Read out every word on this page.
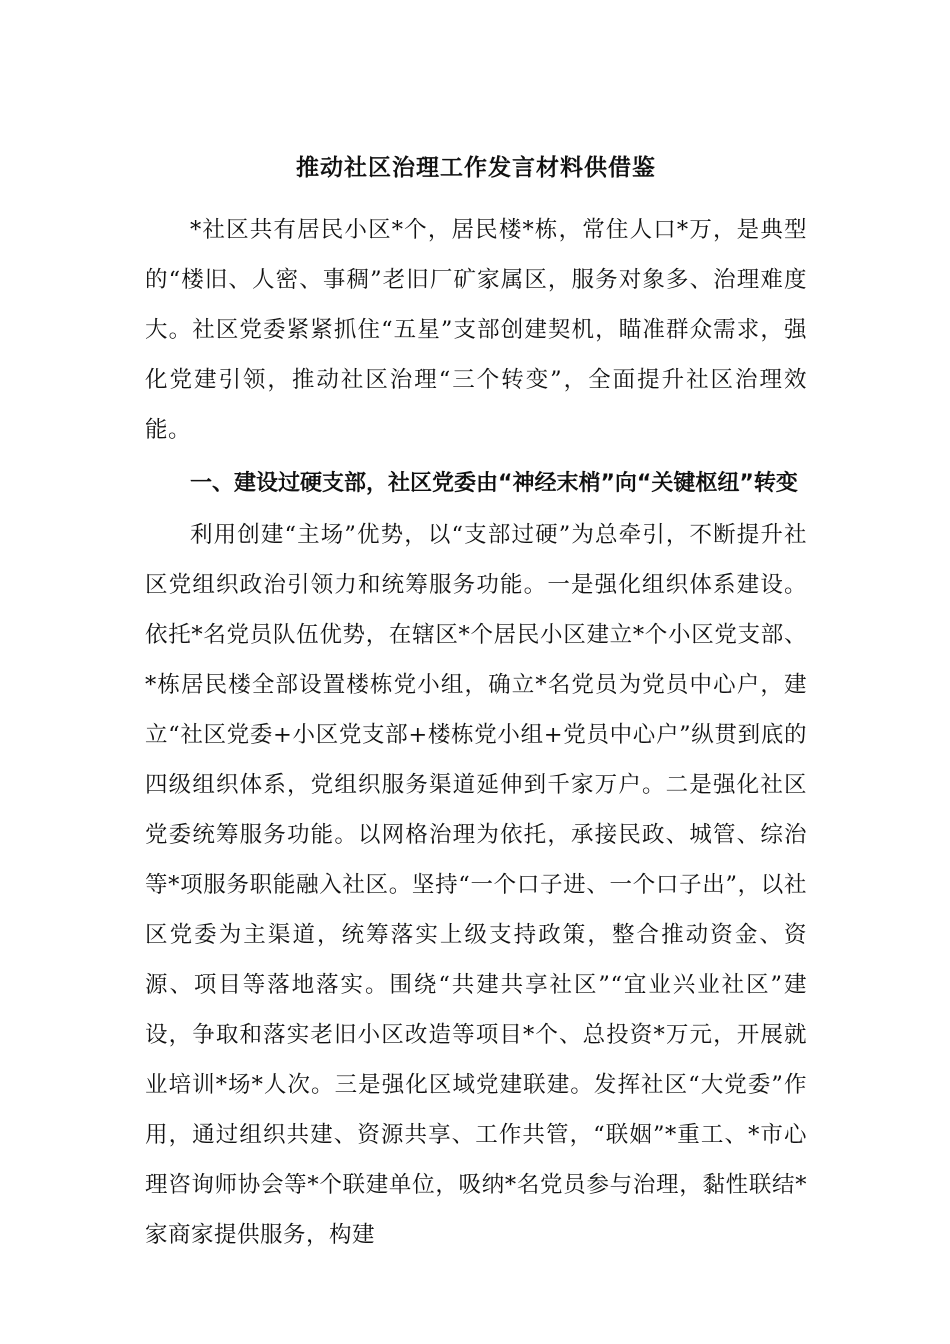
推动社区治理工作发言材料供借鉴

*社区共有居民小区*个，居民楼*栋，常住人口*万，是典型的“楼旧、人密、事稠”老旧厂矿家属区，服务对象多、治理难度大。社区党委紧紧抓住“五星”支部创建契机，瞄准群众需求，强化党建引领，推动社区治理“三个转变”，全面提升社区治理效能。

一、建设过硬支部，社区党委由“神经末梢”向“关键枢纽”转变

利用创建“主场”优势，以“支部过硬”为总牵引，不断提升社区党组织政治引领力和统筹服务功能。一是强化组织体系建设。依托*名党员队伍优势，在辖区*个居民小区建立*个小区党支部、*栋居民楼全部设置楼栋党小组，确立*名党员为党员中心户，建立“社区党委+小区党支部+楼栋党小组+党员中心户”纵贯到底的四级组织体系，党组织服务渠道延伸到千家万户。二是强化社区党委统筹服务功能。以网格治理为依托，承接民政、城管、综治等*项服务职能融入社区。坚持“一个口子进、一个口子出”，以社区党委为主渠道，统筹落实上级支持政策，整合推动资金、资源、项目等落地落实。围绕“共建共享社区”“宜业兴业社区”建设，争取和落实老旧小区改造等项目*个、总投资*万元，开展就业培训*场*人次。三是强化区域党建联建。发挥社区“大党委”作用，通过组织共建、资源共享、工作共管，“联姻”*重工、*市心理咨询师协会等*个联建单位，吸纳*名党员参与治理，黏性联结*家商家提供服务，构建
